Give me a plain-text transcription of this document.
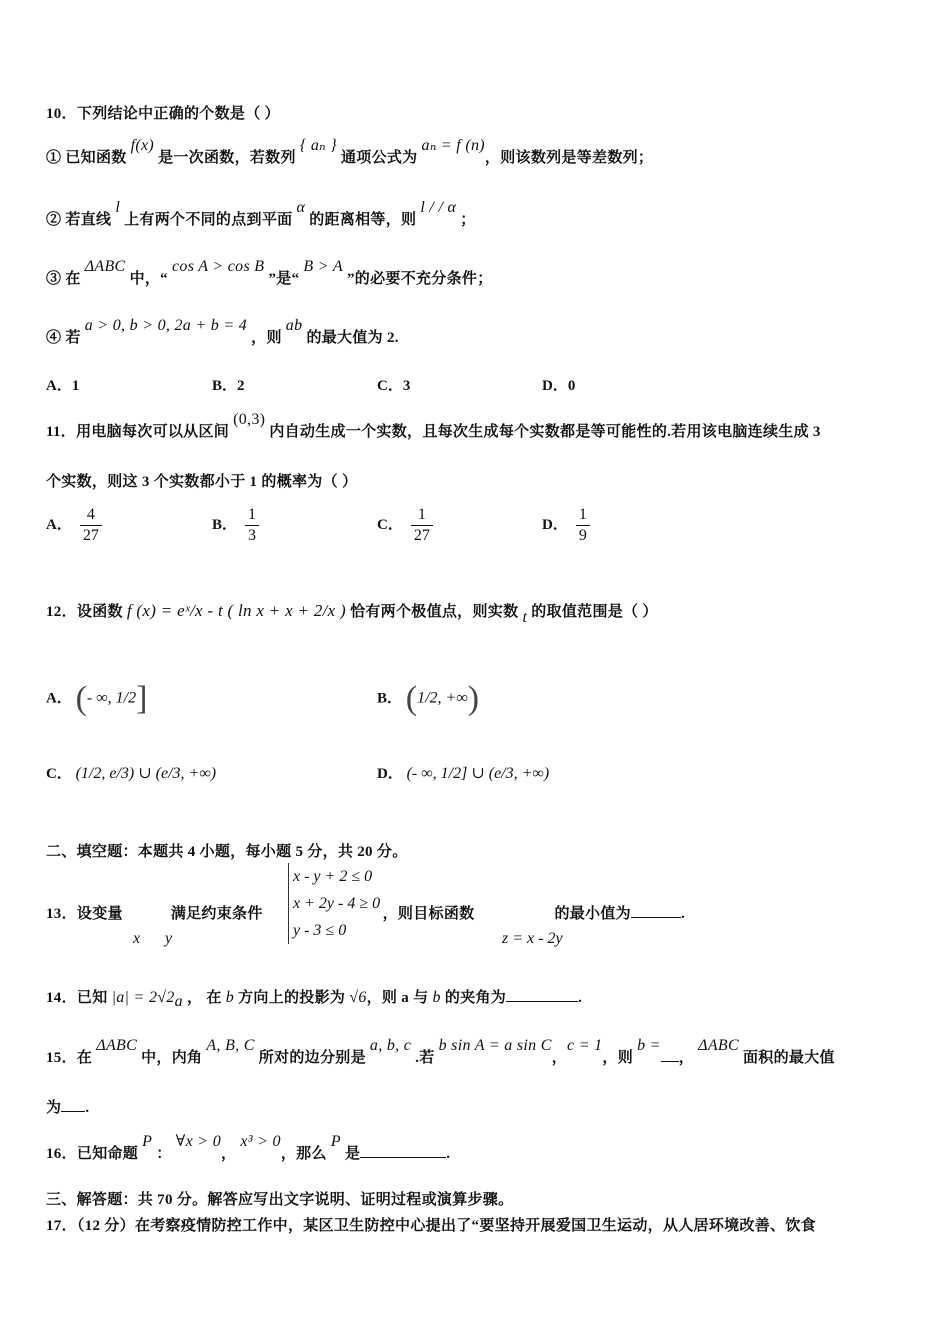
10．下列结论中正确的个数是（ ）
① 已知函数 f(x) 是一次函数，若数列 { aₙ } 通项公式为 aₙ = f (n)，则该数列是等差数列；
② 若直线 l 上有两个不同的点到平面 α 的距离相等，则 l / / α ；
③ 在 ΔABC 中，“ cos A > cos B ”是“ B > A ”的必要不充分条件；
④ 若 a > 0, b > 0, 2a + b = 4 ，则 ab 的最大值为 2.
A．1	B．2	C．3	D．0
11．用电脑每次可以从区间 (0,3) 内自动生成一个实数，且每次生成每个实数都是等可能性的.若用该电脑连续生成 3
个实数，则这 3 个实数都小于 1 的概率为（ ）
A． $\frac{4}{27}$	B． $\frac{1}{3}$	C． $\frac{1}{27}$	D． $\frac{1}{9}$
12．设函数 f (x) = eˣ/x - t ( ln x + x + 2/x ) 恰有两个极值点，则实数 t 的取值范围是（ ）
A． (- ∞, 1/2]	B． (1/2, +∞)
C． (1/2, e/3) ∪ (e/3, +∞)	D． (- ∞, 1/2] ∪ (e/3, +∞)
二、填空题：本题共 4 小题，每小题 5 分，共 20 分。
13．设变量	满足约束条件	，则目标函数	的最小值为	.
x - y + 2 ≤ 0
x + 2y - 4 ≥ 0
y - 3 ≤ 0
x y	z = x - 2y
14．已知 |a| = 2√2a ， 在 b 方向上的投影为 √6，则 a 与 b 的夹角为	.
15．在 ΔABC 中，内角 A, B, C 所对的边分别是 a, b, c .若 b sin A = a sin C，c = 1，则 b =， ΔABC 面积的最大值
为 .
16．已知命题 P ： ∀x > 0， x³ > 0，那么 P 是	.
三、解答题：共 70 分。解答应写出文字说明、证明过程或演算步骤。
17．（12 分）在考察疫情防控工作中，某区卫生防控中心提出了“要坚持开展爱国卫生运动，从人居环境改善、饮食
